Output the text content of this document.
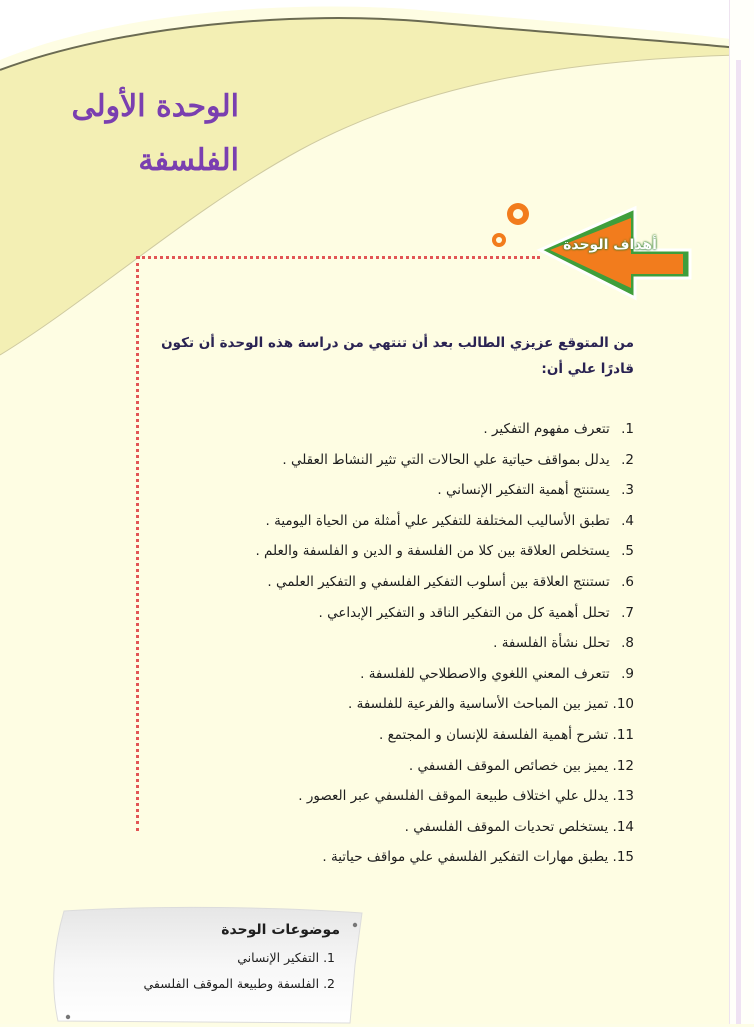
الوحدة الأولى
الفلسفة
أهداف الوحدة
من المتوقع عزيزي الطالب بعد أن تنتهي من دراسة هذه الوحدة أن تكون قادرًا علي أن:
1. تتعرف مفهوم التفكير .
2. يدلل بمواقف حياتية علي الحالات التي تثير النشاط العقلي .
3. يستنتج أهمية التفكير الإنساني .
4. تطبق الأساليب المختلفة للتفكير علي أمثلة من الحياة اليومية .
5. يستخلص العلاقة بين كلا من الفلسفة و الدين و الفلسفة والعلم .
6. تستنتج العلاقة بين أسلوب التفكير الفلسفي و التفكير العلمي .
7. تحلل أهمية كل من التفكير الناقد و التفكير الإبداعي .
8. تحلل نشأة الفلسفة .
9. تتعرف المعني اللغوي والاصطلاحي للفلسفة .
10. تميز بين المباحث الأساسية والفرعية للفلسفة .
11. تشرح أهمية الفلسفة للإنسان و المجتمع .
12. يميز بين خصائص الموقف الفسفي .
13. يدلل علي اختلاف طبيعة الموقف الفلسفي عبر العصور .
14. يستخلص تحديات الموقف الفلسفي .
15. يطبق مهارات التفكير الفلسفي علي مواقف حياتية .
موضوعات الوحدة
1. التفكير الإنساني
2. الفلسفة وطبيعة الموقف الفلسفي
